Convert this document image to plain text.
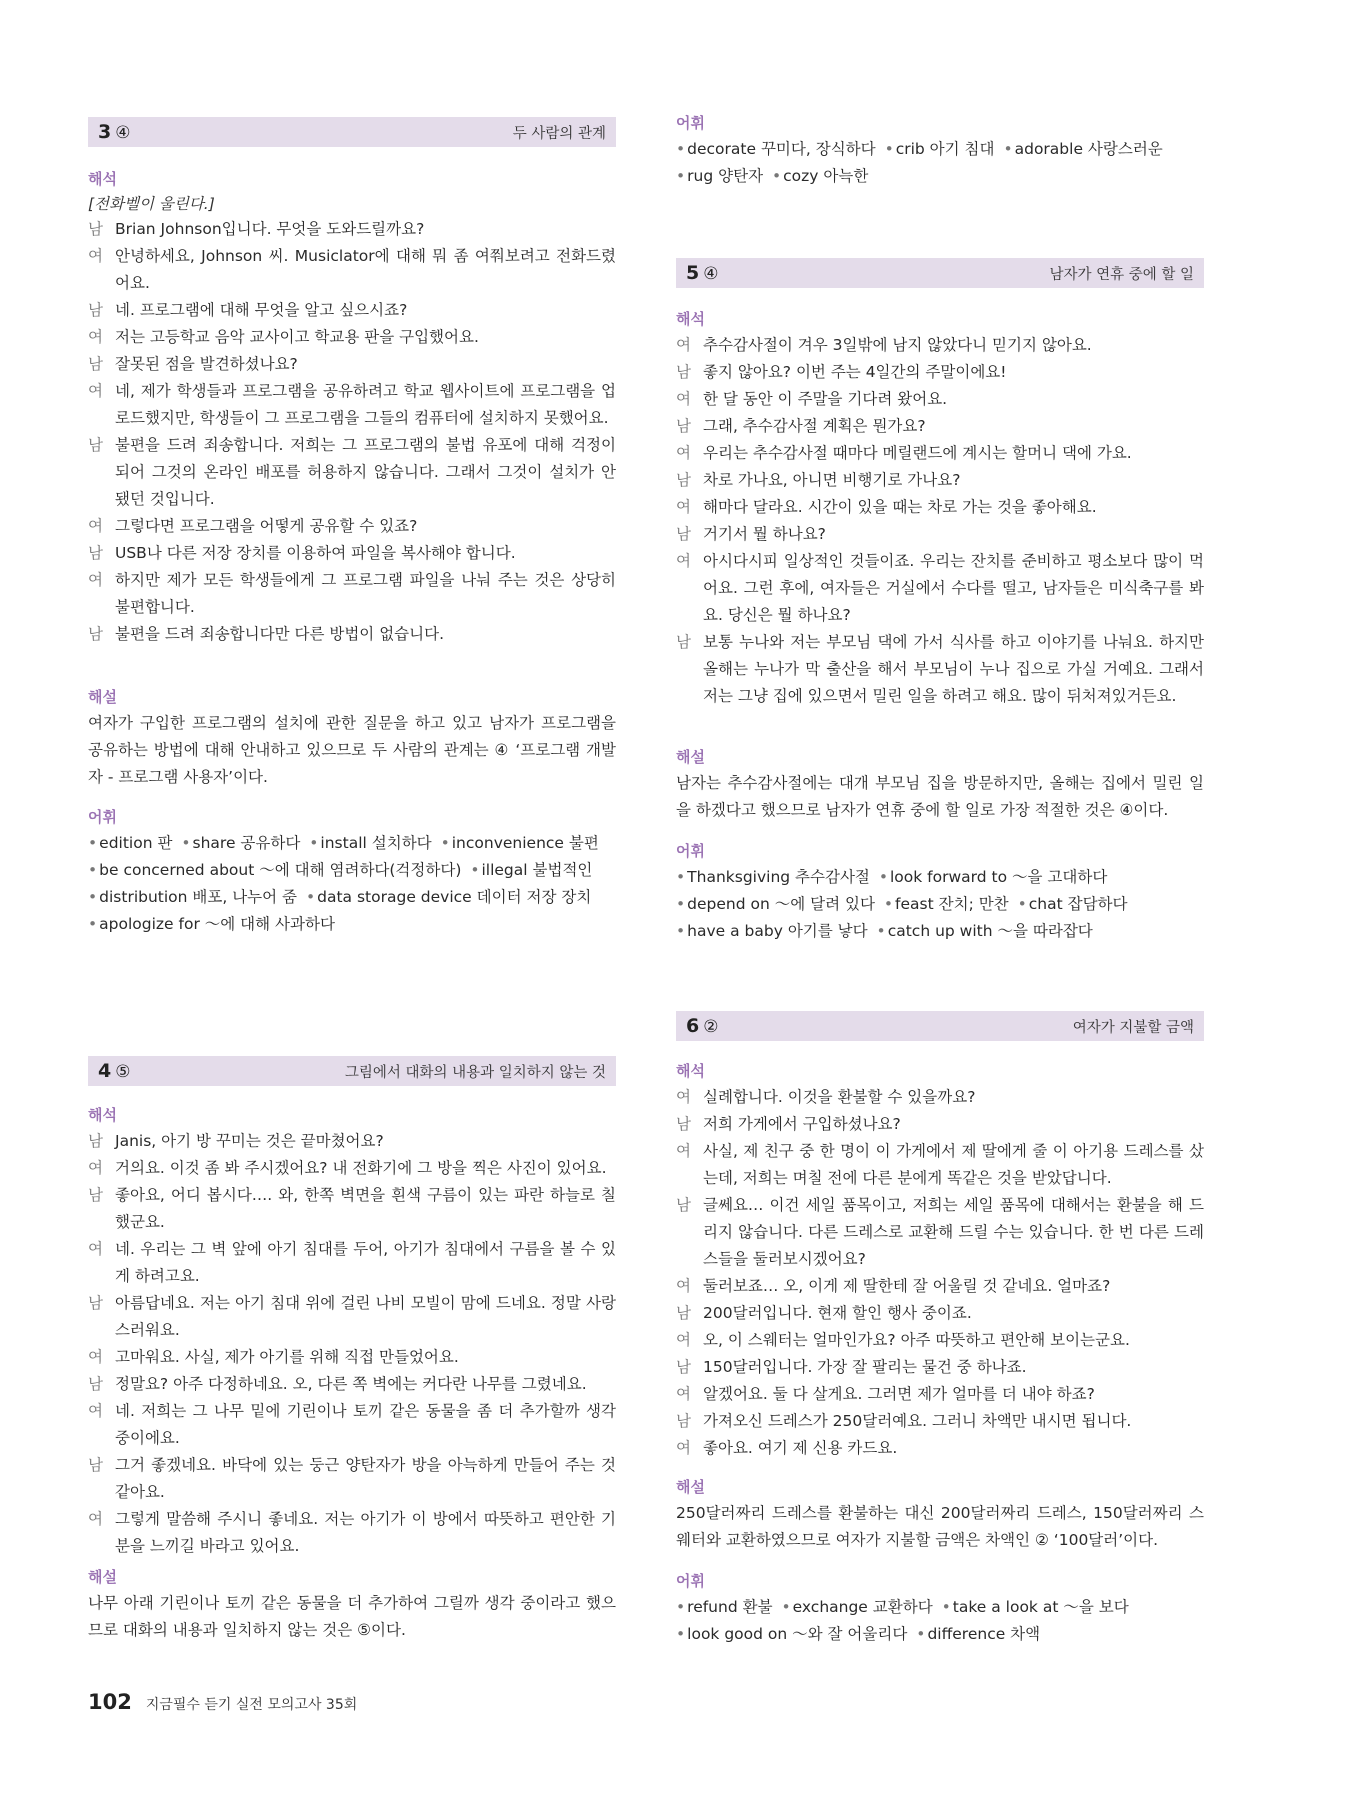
3 ④	두 사람의 관계
해석
[전화벨이 울린다.]
남 Brian Johnson입니다. 무엇을 도와드릴까요?
여 안녕하세요, Johnson 씨. Musiclator에 대해 뭐 좀 여쭤보려고 전화드렸어요.
남 네. 프로그램에 대해 무엇을 알고 싶으시죠?
여 저는 고등학교 음악 교사이고 학교용 판을 구입했어요.
남 잘못된 점을 발견하셨나요?
여 네, 제가 학생들과 프로그램을 공유하려고 학교 웹사이트에 프로그램을 업로드했지만, 학생들이 그 프로그램을 그들의 컴퓨터에 설치하지 못했어요.
남 불편을 드려 죄송합니다. 저희는 그 프로그램의 불법 유포에 대해 걱정이 되어 그것의 온라인 배포를 허용하지 않습니다. 그래서 그것이 설치가 안 됐던 것입니다.
여 그렇다면 프로그램을 어떻게 공유할 수 있죠?
남 USB나 다른 저장 장치를 이용하여 파일을 복사해야 합니다.
여 하지만 제가 모든 학생들에게 그 프로그램 파일을 나눠 주는 것은 상당히 불편합니다.
남 불편을 드려 죄송합니다만 다른 방법이 없습니다.
해설
여자가 구입한 프로그램의 설치에 관한 질문을 하고 있고 남자가 프로그램을 공유하는 방법에 대해 안내하고 있으므로 두 사람의 관계는 ④ ‘프로그램 개발자 - 프로그램 사용자’이다.
어휘
• edition 판 • share 공유하다 • install 설치하다 • inconvenience 불편 • be concerned about ～에 대해 염려하다(걱정하다) • illegal 불법적인 • distribution 배포, 나누어 줌 • data storage device 데이터 저장 장치 • apologize for ～에 대해 사과하다
4 ⑤	그림에서 대화의 내용과 일치하지 않는 것
해석
남 Janis, 아기 방 꾸미는 것은 끝마쳤어요?
여 거의요. 이것 좀 봐 주시겠어요? 내 전화기에 그 방을 찍은 사진이 있어요.
남 좋아요, 어디 봅시다…. 와, 한쪽 벽면을 흰색 구름이 있는 파란 하늘로 칠했군요.
여 네. 우리는 그 벽 앞에 아기 침대를 두어, 아기가 침대에서 구름을 볼 수 있게 하려고요.
남 아름답네요. 저는 아기 침대 위에 걸린 나비 모빌이 맘에 드네요. 정말 사랑스러워요.
여 고마워요. 사실, 제가 아기를 위해 직접 만들었어요.
남 정말요? 아주 다정하네요. 오, 다른 쪽 벽에는 커다란 나무를 그렸네요.
여 네. 저희는 그 나무 밑에 기린이나 토끼 같은 동물을 좀 더 추가할까 생각 중이에요.
남 그거 좋겠네요. 바닥에 있는 둥근 양탄자가 방을 아늑하게 만들어 주는 것 같아요.
여 그렇게 말씀해 주시니 좋네요. 저는 아기가 이 방에서 따뜻하고 편안한 기분을 느끼길 바라고 있어요.
해설
나무 아래 기린이나 토끼 같은 동물을 더 추가하여 그릴까 생각 중이라고 했으므로 대화의 내용과 일치하지 않는 것은 ⑤이다.
어휘
• decorate 꾸미다, 장식하다 • crib 아기 침대 • adorable 사랑스러운 • rug 양탄자 • cozy 아늑한
5 ④	남자가 연휴 중에 할 일
해석
여 추수감사절이 겨우 3일밖에 남지 않았다니 믿기지 않아요.
남 좋지 않아요? 이번 주는 4일간의 주말이에요!
여 한 달 동안 이 주말을 기다려 왔어요.
남 그래, 추수감사절 계획은 뭔가요?
여 우리는 추수감사절 때마다 메릴랜드에 계시는 할머니 댁에 가요.
남 차로 가나요, 아니면 비행기로 가나요?
여 해마다 달라요. 시간이 있을 때는 차로 가는 것을 좋아해요.
남 거기서 뭘 하나요?
여 아시다시피 일상적인 것들이죠. 우리는 잔치를 준비하고 평소보다 많이 먹어요. 그런 후에, 여자들은 거실에서 수다를 떨고, 남자들은 미식축구를 봐요. 당신은 뭘 하나요?
남 보통 누나와 저는 부모님 댁에 가서 식사를 하고 이야기를 나눠요. 하지만 올해는 누나가 막 출산을 해서 부모님이 누나 집으로 가실 거예요. 그래서 저는 그냥 집에 있으면서 밀린 일을 하려고 해요. 많이 뒤처져있거든요.
해설
남자는 추수감사절에는 대개 부모님 집을 방문하지만, 올해는 집에서 밀린 일을 하겠다고 했으므로 남자가 연휴 중에 할 일로 가장 적절한 것은 ④이다.
어휘
• Thanksgiving 추수감사절 • look forward to ～을 고대하다 • depend on ～에 달려 있다 • feast 잔치; 만찬 • chat 잡담하다 • have a baby 아기를 낳다 • catch up with ～을 따라잡다
6 ②	여자가 지불할 금액
해석
여 실례합니다. 이것을 환불할 수 있을까요?
남 저희 가게에서 구입하셨나요?
여 사실, 제 친구 중 한 명이 이 가게에서 제 딸에게 줄 이 아기용 드레스를 샀는데, 저희는 며칠 전에 다른 분에게 똑같은 것을 받았답니다.
남 글쎄요… 이건 세일 품목이고, 저희는 세일 품목에 대해서는 환불을 해 드리지 않습니다. 다른 드레스로 교환해 드릴 수는 있습니다. 한 번 다른 드레스들을 둘러보시겠어요?
여 둘러보죠… 오, 이게 제 딸한테 잘 어울릴 것 같네요. 얼마죠?
남 200달러입니다. 현재 할인 행사 중이죠.
여 오, 이 스웨터는 얼마인가요? 아주 따뜻하고 편안해 보이는군요.
남 150달러입니다. 가장 잘 팔리는 물건 중 하나죠.
여 알겠어요. 둘 다 살게요. 그러면 제가 얼마를 더 내야 하죠?
남 가져오신 드레스가 250달러예요. 그러니 차액만 내시면 됩니다.
여 좋아요. 여기 제 신용 카드요.
해설
250달러짜리 드레스를 환불하는 대신 200달러짜리 드레스, 150달러짜리 스웨터와 교환하였으므로 여자가 지불할 금액은 차액인 ② ‘100달러’이다.
어휘
• refund 환불 • exchange 교환하다 • take a look at ～을 보다 • look good on ～와 잘 어울리다 • difference 차액
102 지금필수 듣기 실전 모의고사 35회
